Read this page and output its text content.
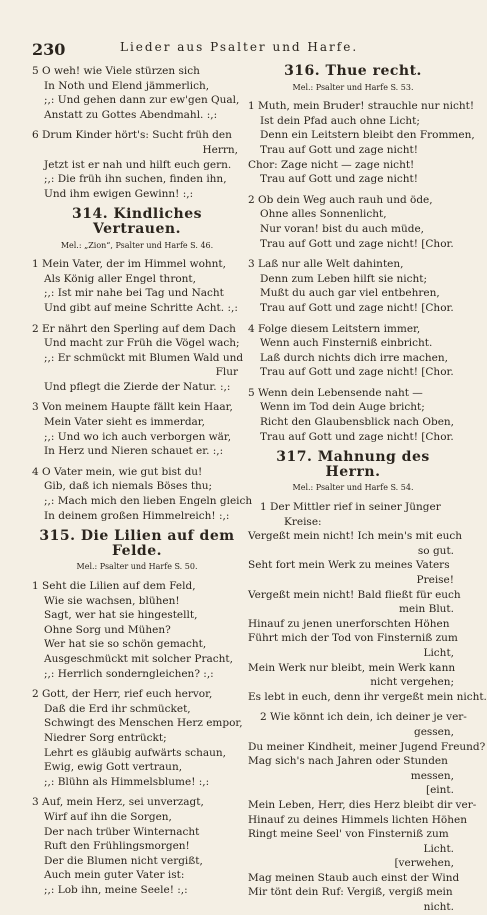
230	Lieder aus Psalter und Harfe.
5 O weh! wie Viele stürzen sich
In Noth und Elend jämmerlich,
;,: Und gehen dann zur ew'gen Qual,
Anstatt zu Gottes Abendmahl. :,:
6 Drum Kinder hört's: Sucht früh den
Herrn,
Jetzt ist er nah und hilft euch gern.
;,: Die früh ihn suchen, finden ihn,
Und ihm ewigen Gewinn! :,:
314. Kindliches Vertrauen.
Mel.: „Zion“, Psalter und Harfe S. 46.
1 Mein Vater, der im Himmel wohnt,
Als König aller Engel thront,
;,: Ist mir nahe bei Tag und Nacht
Und gibt auf meine Schritte Acht. :,:
2 Er nährt den Sperling auf dem Dach
Und macht zur Früh die Vögel wach;
;,: Er schmückt mit Blumen Wald und
Flur
Und pflegt die Zierde der Natur. :,:
3 Von meinem Haupte fällt kein Haar,
Mein Vater sieht es immerdar,
;,: Und wo ich auch verborgen wär,
In Herz und Nieren schauet er. :,:
4 O Vater mein, wie gut bist du!
Gib, daß ich niemals Böses thu;
;,: Mach mich den lieben Engeln gleich
In deinem großen Himmelreich! :,:
315. Die Lilien auf dem Felde.
Mel.: Psalter und Harfe S. 50.
1 Seht die Lilien auf dem Feld,
Wie sie wachsen, blühen!
Sagt, wer hat sie hingestellt,
Ohne Sorg und Mühen?
Wer hat sie so schön gemacht,
Ausgeschmückt mit solcher Pracht,
;,: Herrlich sonderngleichen? :,:
2 Gott, der Herr, rief euch hervor,
Daß die Erd ihr schmücket,
Schwingt des Menschen Herz empor,
Niedrer Sorg entrückt;
Lehrt es gläubig aufwärts schaun,
Ewig, ewig Gott vertraun,
;,: Blühn als Himmelsblume! :,:
3 Auf, mein Herz, sei unverzagt,
Wirf auf ihn die Sorgen,
Der nach trüber Winternacht
Ruft den Frühlingsmorgen!
Der die Blumen nicht vergißt,
Auch mein guter Vater ist:
;,: Lob ihn, meine Seele! :,:
316. Thue recht.
Mel.: Psalter und Harfe S. 53.
1 Muth, mein Bruder! strauchle nur nicht!
Ist dein Pfad auch ohne Licht;
Denn ein Leitstern bleibt den Frommen,
Trau auf Gott und zage nicht!
Chor: Zage nicht — zage nicht!
Trau auf Gott und zage nicht!
2 Ob dein Weg auch rauh und öde,
Ohne alles Sonnenlicht,
Nur voran! bist du auch müde,
Trau auf Gott und zage nicht! [Chor.
3 Laß nur alle Welt dahinten,
Denn zum Leben hilft sie nicht;
Mußt du auch gar viel entbehren,
Trau auf Gott und zage nicht! [Chor.
4 Folge diesem Leitstern immer,
Wenn auch Finsterniß einbricht.
Laß durch nichts dich irre machen,
Trau auf Gott und zage nicht! [Chor.
5 Wenn dein Lebensende naht —
Wenn im Tod dein Auge bricht;
Richt den Glaubensblick nach Oben,
Trau auf Gott und zage nicht! [Chor.
317. Mahnung des Herrn.
Mel.: Psalter und Harfe S. 54.
1 Der Mittler rief in seiner Jünger
Kreise:
Vergeßt mein nicht! Ich mein's mit euch
so gut.
Seht fort mein Werk zu meines Vaters
Preise!
Vergeßt mein nicht! Bald fließt für euch
mein Blut.
Hinauf zu jenen unerforschten Höhen
Führt mich der Tod von Finsterniß zum
Licht,
Mein Werk nur bleibt, mein Werk kann
nicht vergehen;
Es lebt in euch, denn ihr vergeßt mein nicht.
2 Wie könnt ich dein, ich deiner je ver-
gessen,
Du meiner Kindheit, meiner Jugend Freund?
Mag sich's nach Jahren oder Stunden
messen,
[eint.
Mein Leben, Herr, dies Herz bleibt dir ver-
Hinauf zu deines Himmels lichten Höhen
Ringt meine Seel' von Finsterniß zum
Licht.
[verwehen,
Mag meinen Staub auch einst der Wind
Mir tönt dein Ruf: Vergiß, vergiß mein
nicht.
